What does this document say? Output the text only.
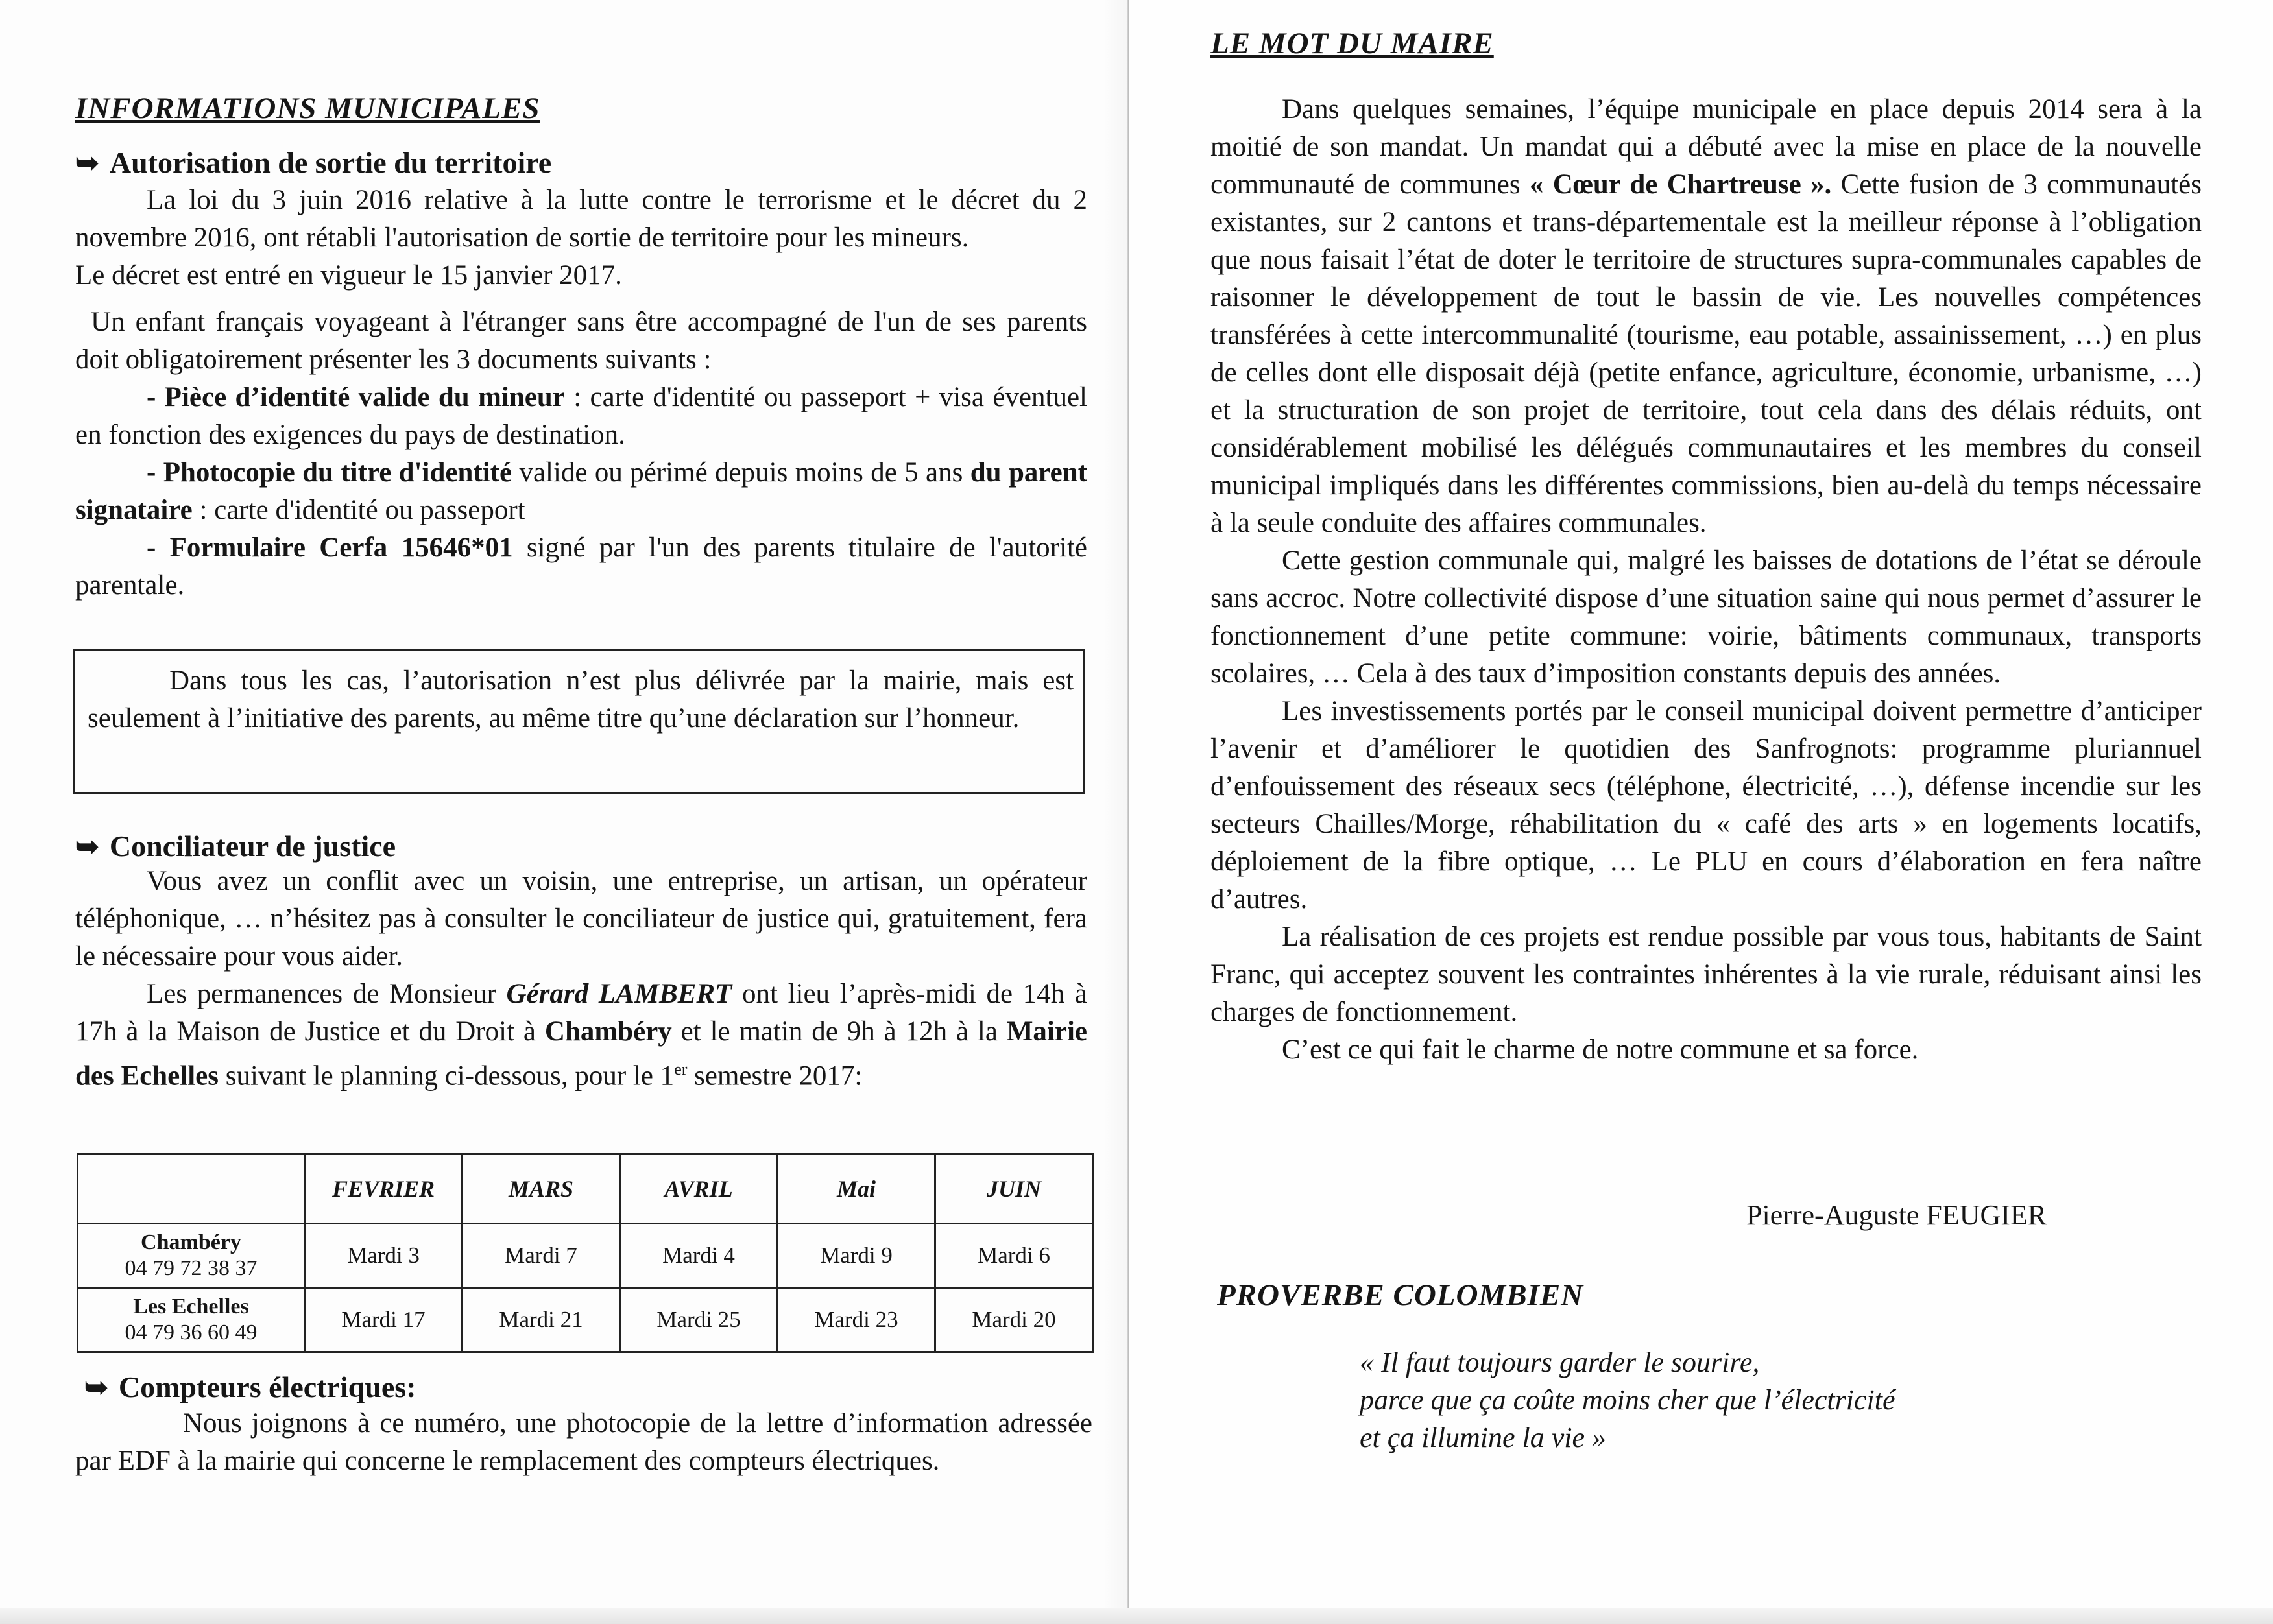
INFORMATIONS MUNICIPALES
➥ Autorisation de sortie du territoire

La loi du 3 juin 2016 relative à la lutte contre le terrorisme et le décret du 2 novembre 2016, ont rétabli l'autorisation de sortie de territoire pour les mineurs.

Le décret est entré en vigueur le 15 janvier 2017.

Un enfant français voyageant à l'étranger sans être accompagné de l'un de ses parents doit obligatoirement présenter les 3 documents suivants :

- Pièce d’identité valide du mineur : carte d'identité ou passeport + visa éventuel en fonction des exigences du pays de destination.

- Photocopie du titre d'identité valide ou périmé depuis moins de 5 ans du parent signataire : carte d'identité ou passeport

- Formulaire Cerfa 15646*01 signé par l'un des parents titulaire de l'autorité parentale.

Dans tous les cas, l’autorisation n’est plus délivrée par la mairie, mais est seulement à l’initiative des parents, au même titre qu’une déclaration sur l’honneur.

➥ Conciliateur de justice

Vous avez un conflit avec un voisin, une entreprise, un artisan, un opérateur téléphonique, … n’hésitez pas à consulter le conciliateur de justice qui, gratuitement, fera le nécessaire pour vous aider.

Les permanences de Monsieur Gérard LAMBERT ont lieu l’après-midi de 14h à 17h à la Maison de Justice et du Droit à Chambéry et le matin de 9h à 12h à la Mairie des Echelles suivant le planning ci-dessous, pour le 1er semestre 2017:

	FEVRIER	MARS	AVRIL	Mai	JUIN

Chambéry
04 79 72 38 37	Mardi 3	Mardi 7	Mardi 4	Mardi 9	Mardi 6

Les Echelles
04 79 36 60 49	Mardi 17	Mardi 21	Mardi 25	Mardi 23	Mardi 20
➥ Compteurs électriques:

Nous joignons à ce numéro, une photocopie de la lettre d’information adressée par EDF à la mairie qui concerne le remplacement des compteurs électriques.

LE MOT DU MAIRE

Dans quelques semaines, l’équipe municipale en place depuis 2014 sera à la moitié de son mandat. Un mandat qui a débuté avec la mise en place de la nouvelle communauté de communes « Cœur de Chartreuse ». Cette fusion de 3 communautés existantes, sur 2 cantons et trans-départementale est la meilleur réponse à l’obligation que nous faisait l’état de doter le territoire de structures supra-communales capables de raisonner le développement de tout le bassin de vie. Les nouvelles compétences transférées à cette intercommunalité (tourisme, eau potable, assainissement, …) en plus de celles dont elle disposait déjà (petite enfance, agriculture, économie, urbanisme, …) et la structuration de son projet de territoire, tout cela dans des délais réduits, ont considérablement mobilisé les délégués communautaires et les membres du conseil municipal impliqués dans les différentes commissions, bien au-delà du temps nécessaire à la seule conduite des affaires communales.

Cette gestion communale qui, malgré les baisses de dotations de l’état se déroule sans accroc. Notre collectivité dispose d’une situation saine qui nous permet d’assurer le fonctionnement d’une petite commune: voirie, bâtiments communaux, transports scolaires, … Cela à des taux d’imposition constants depuis des années.

Les investissements portés par le conseil municipal doivent permettre d’anticiper l’avenir et d’améliorer le quotidien des Sanfrognots: programme pluriannuel d’enfouissement des réseaux secs (téléphone, électricité, …), défense incendie sur les secteurs Chailles/Morge, réhabilitation du « café des arts » en logements locatifs, déploiement de la fibre optique, … Le PLU en cours d’élaboration en fera naître d’autres.

La réalisation de ces projets est rendue possible par vous tous, habitants de Saint Franc, qui acceptez souvent les contraintes inhérentes à la vie rurale, réduisant ainsi les charges de fonctionnement.

C’est ce qui fait le charme de notre commune et sa force.

Pierre-Auguste FEUGIER
PROVERBE COLOMBIEN
« Il faut toujours garder le sourire,
parce que ça coûte moins cher que l’électricité
et ça illumine la vie »
